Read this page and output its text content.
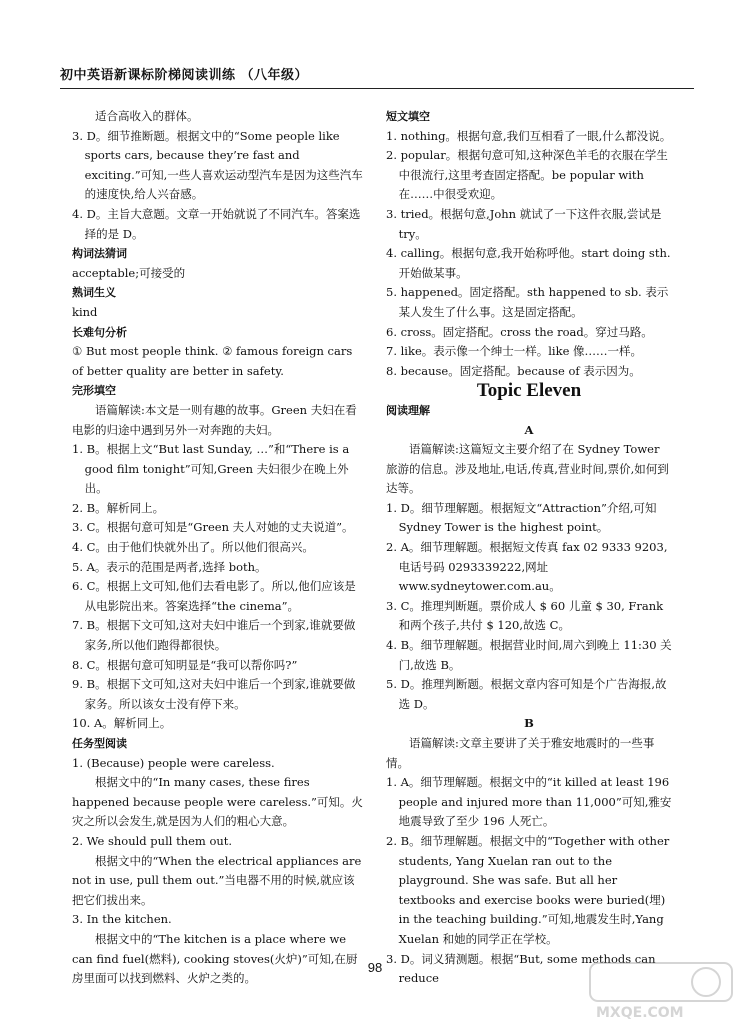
初中英语新课标阶梯阅读训练 （八年级）

适合高收入的群体。

3. D。细节推断题。根据文中的“Some people like sports cars, because they’re fast and exciting.”可知,一些人喜欢运动型汽车是因为这些汽车的速度快,给人兴奋感。

4. D。主旨大意题。文章一开始就说了不同汽车。答案选择的是 D。

构词法猜词

acceptable;可接受的

熟词生义

kind

长难句分析

① But most people think. ② famous foreign cars of better quality are better in safety.

完形填空

语篇解读:本文是一则有趣的故事。Green 夫妇在看电影的归途中遇到另外一对奔跑的夫妇。

1. B。根据上文“But last Sunday, …”和“There is a good film tonight”可知,Green 夫妇很少在晚上外出。

2. B。解析同上。

3. C。根据句意可知是“Green 夫人对她的丈夫说道”。

4. C。由于他们快就外出了。所以他们很高兴。

5. A。表示的范围是两者,选择 both。

6. C。根据上文可知,他们去看电影了。所以,他们应该是从电影院出来。答案选择“the cinema”。

7. B。根据下文可知,这对夫妇中谁后一个到家,谁就要做家务,所以他们跑得都很快。

8. C。根据句意可知明显是“我可以帮你吗?”

9. B。根据下文可知,这对夫妇中谁后一个到家,谁就要做家务。所以该女士没有停下来。

10. A。解析同上。

任务型阅读

1. (Because) people were careless.

根据文中的“In many cases, these fires happened because people were careless.”可知。火灾之所以会发生,就是因为人们的粗心大意。

2. We should pull them out.

根据文中的“When the electrical appliances are not in use, pull them out.”当电器不用的时候,就应该把它们拔出来。

3. In the kitchen.

根据文中的“The kitchen is a place where we can find fuel(燃料), cooking stoves(火炉)”可知,在厨房里面可以找到燃料、火炉之类的。

短文填空

1. nothing。根据句意,我们互相看了一眼,什么都没说。

2. popular。根据句意可知,这种深色羊毛的衣服在学生中很流行,这里考查固定搭配。be popular with 在……中很受欢迎。

3. tried。根据句意,John 就试了一下这件衣服,尝试是 try。

4. calling。根据句意,我开始称呼他。start doing sth. 开始做某事。

5. happened。固定搭配。sth happened to sb. 表示某人发生了什么事。这是固定搭配。

6. cross。固定搭配。cross the road。穿过马路。

7. like。表示像一个绅士一样。like 像……一样。

8. because。固定搭配。because of 表示因为。

Topic Eleven

阅读理解

A

语篇解读:这篇短文主要介绍了在 Sydney Tower 旅游的信息。涉及地址,电话,传真,营业时间,票价,如何到达等。

1. D。细节理解题。根据短文“Attraction”介绍,可知 Sydney Tower is the highest point。

2. A。细节理解题。根据短文传真 fax 02 9333 9203,电话号码 0293339222,网址 www.sydneytower.com.au。

3. C。推理判断题。票价成人 $ 60 儿童 $ 30, Frank 和两个孩子,共付 $ 120,故选 C。

4. B。细节理解题。根据营业时间,周六到晚上 11:30 关门,故选 B。

5. D。推理判断题。根据文章内容可知是个广告海报,故选 D。

B

语篇解读:文章主要讲了关于雅安地震时的一些事情。

1. A。细节理解题。根据文中的“it killed at least 196 people and injured more than 11,000”可知,雅安地震导致了至少 196 人死亡。

2. B。细节理解题。根据文中的“Together with other students, Yang Xuelan ran out to the playground. She was safe. But all her textbooks and exercise books were buried(埋) in the teaching building.”可知,地震发生时,Yang Xuelan 和她的同学正在学校。

3. D。词义猜测题。根据“But, some methods can reduce

98
MXQE.COM
